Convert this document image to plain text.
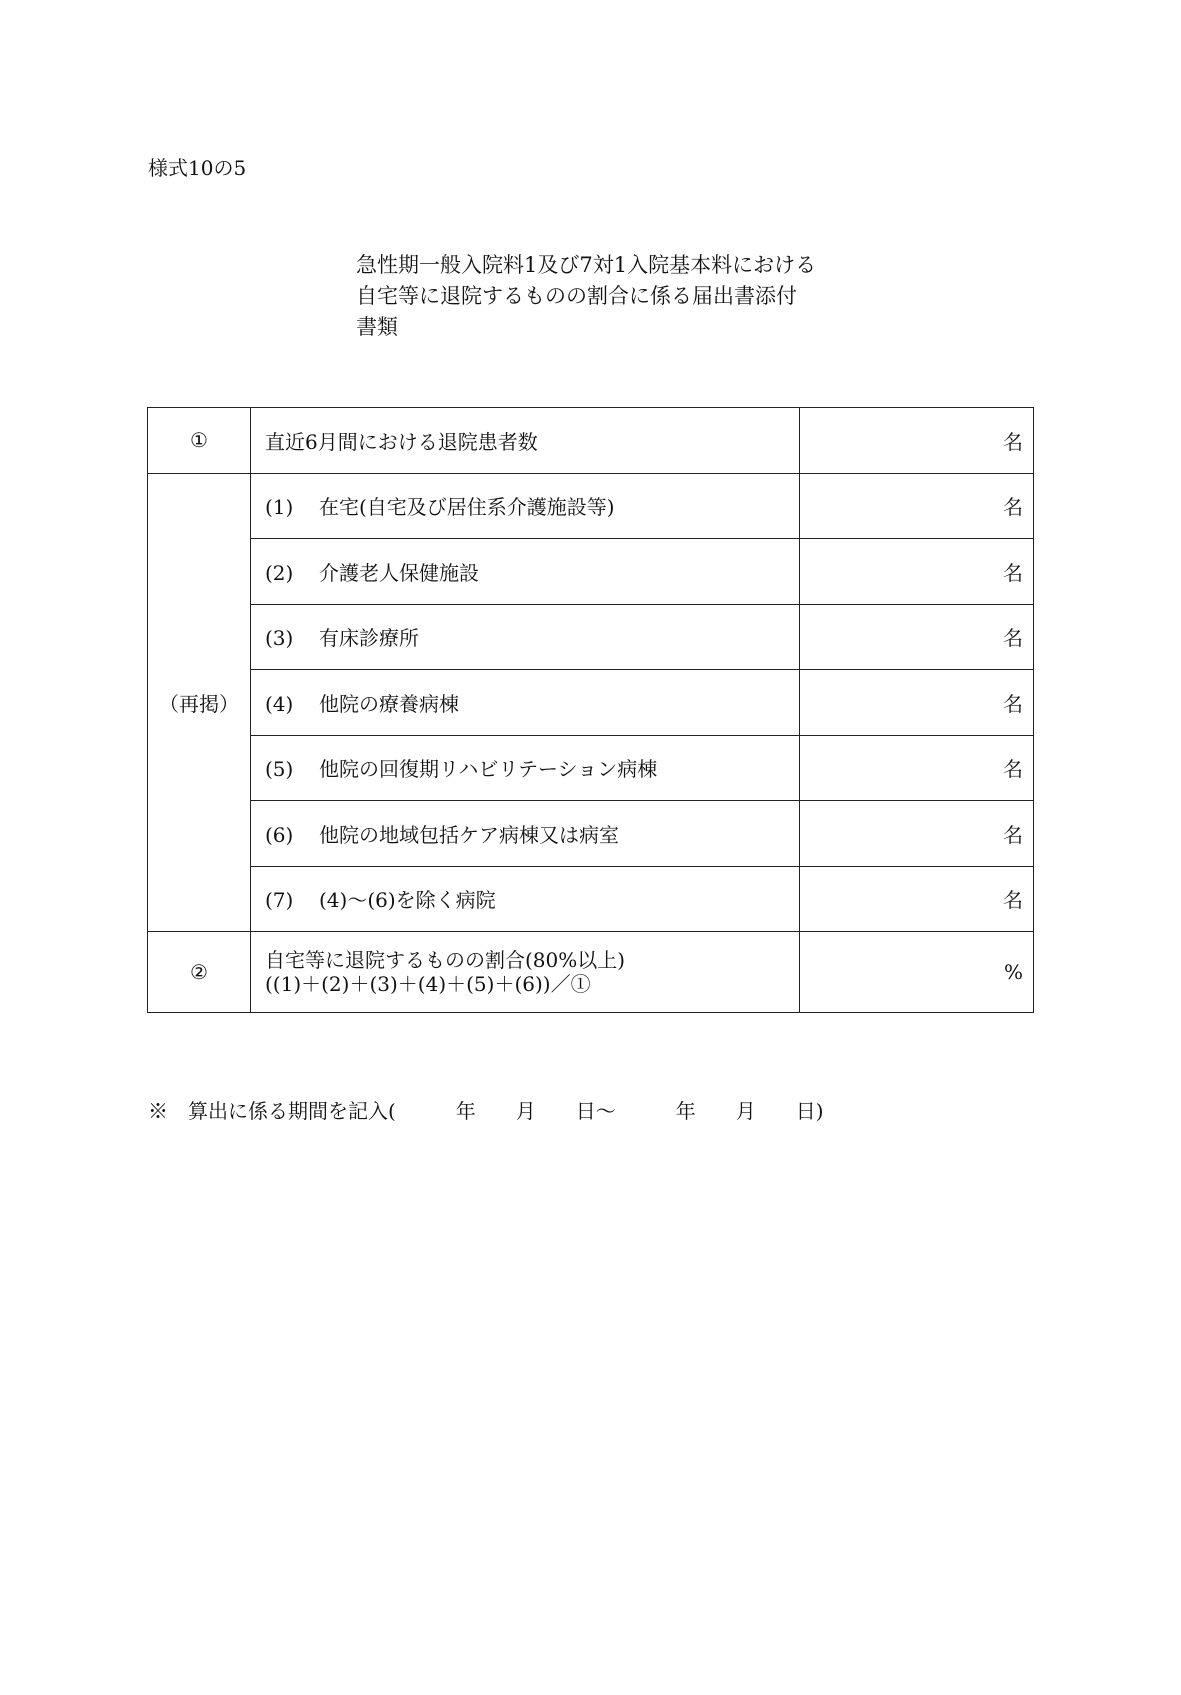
様式10の5
急性期一般入院料1及び7対1入院基本料における
自宅等に退院するものの割合に係る届出書添付
書類
①	直近6月間における退院患者数	名
（再掲）	(1) 在宅(自宅及び居住系介護施設等)	名
	(2) 介護老人保健施設	名
	(3) 有床診療所	名
	(4) 他院の療養病棟	名
	(5) 他院の回復期リハビリテーション病棟	名
	(6) 他院の地域包括ケア病棟又は病室	名
	(7) (4)～(6)を除く病院	名
②	自宅等に退院するものの割合(80%以上)
((1)＋(2)＋(3)＋(4)＋(5)＋(6))／①	%
※　算出に係る期間を記入(　　　年　　月　　日～　　　年　　月　　日)
